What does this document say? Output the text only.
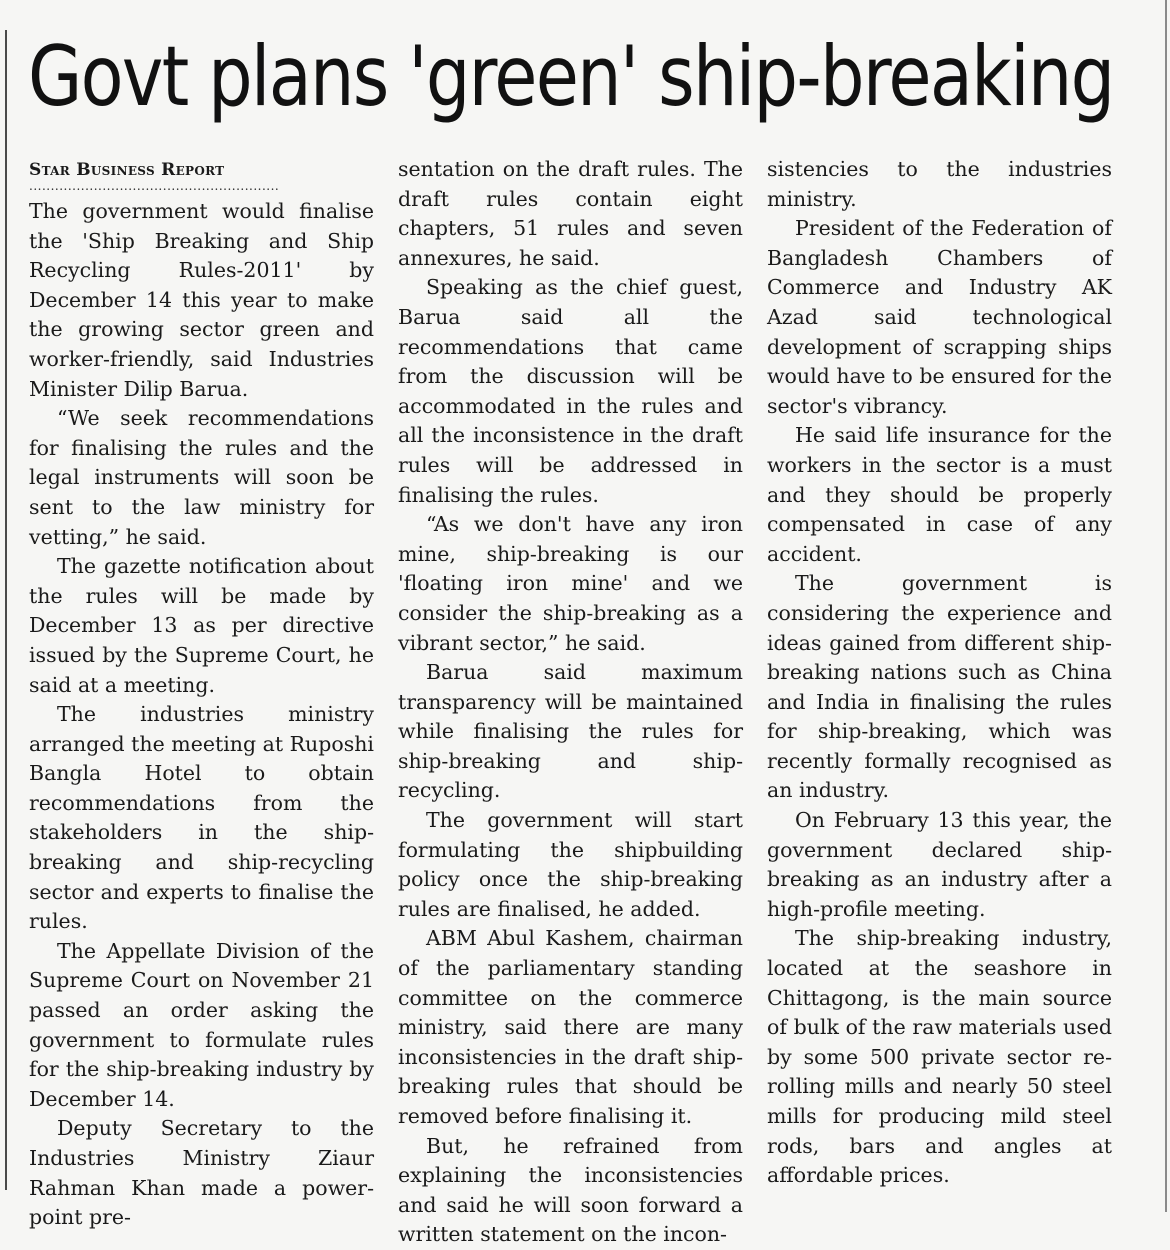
Govt plans 'green' ship-breaking
Star Business Report
..........................................................

The government would finalise the 'Ship Breaking and Ship Recycling Rules-2011' by December 14 this year to make the growing sector green and worker-friendly, said Industries Minister Dilip Barua.

“We seek recommendations for finalising the rules and the legal instruments will soon be sent to the law ministry for vetting,” he said.

The gazette notification about the rules will be made by December 13 as per directive issued by the Supreme Court, he said at a meeting.

The industries ministry arranged the meeting at Ruposhi Bangla Hotel to obtain recommendations from the stakeholders in the ship-breaking and ship-recycling sector and experts to finalise the rules.

The Appellate Division of the Supreme Court on November 21 passed an order asking the government to formulate rules for the ship-breaking industry by December 14.

Deputy Secretary to the Industries Ministry Ziaur Rahman Khan made a power-point pre-

sentation on the draft rules. The draft rules contain eight chapters, 51 rules and seven annexures, he said.

Speaking as the chief guest, Barua said all the recommendations that came from the discussion will be accommodated in the rules and all the inconsistence in the draft rules will be addressed in finalising the rules.

“As we don't have any iron mine, ship-breaking is our 'floating iron mine' and we consider the ship-breaking as a vibrant sector,” he said.

Barua said maximum transparency will be maintained while finalising the rules for ship-breaking and ship-recycling.

The government will start formulating the shipbuilding policy once the ship-breaking rules are finalised, he added.

ABM Abul Kashem, chairman of the parliamentary standing committee on the commerce ministry, said there are many inconsistencies in the draft ship-breaking rules that should be removed before finalising it.

But, he refrained from explaining the inconsistencies and said he will soon forward a written statement on the incon-

sistencies to the industries ministry.

President of the Federation of Bangladesh Chambers of Commerce and Industry AK Azad said technological development of scrapping ships would have to be ensured for the sector's vibrancy.

He said life insurance for the workers in the sector is a must and they should be properly compensated in case of any accident.

The government is considering the experience and ideas gained from different ship-breaking nations such as China and India in finalising the rules for ship-breaking, which was recently formally recognised as an industry.

On February 13 this year, the government declared ship-breaking as an industry after a high-profile meeting.

The ship-breaking industry, located at the seashore in Chittagong, is the main source of bulk of the raw materials used by some 500 private sector re-rolling mills and nearly 50 steel mills for producing mild steel rods, bars and angles at affordable prices.
